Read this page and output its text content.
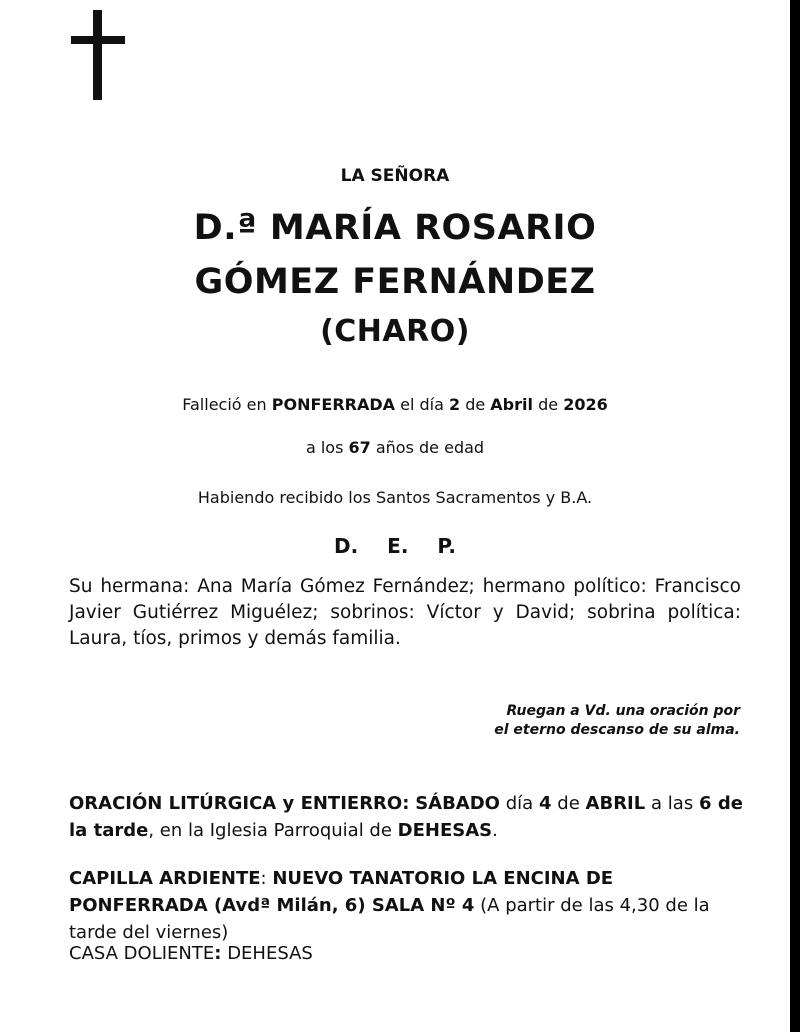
LA SEÑORA
D.ª MARÍA ROSARIO
GÓMEZ FERNÁNDEZ
(CHARO)
Falleció en PONFERRADA el día 2 de Abril de 2026
a los 67 años de edad
Habiendo recibido los Santos Sacramentos y B.A.
D. E. P.
Su hermana: Ana María Gómez Fernández; hermano político: Francisco Javier Gutiérrez Miguélez; sobrinos: Víctor y David; sobrina política: Laura, tíos, primos y demás familia.
Ruegan a Vd. una oración por
el eterno descanso de su alma.
ORACIÓN LITÚRGICA y ENTIERRO: SÁBADO día 4 de ABRIL a las 6 de la tarde, en la Iglesia Parroquial de DEHESAS.
CAPILLA ARDIENTE: NUEVO TANATORIO LA ENCINA DE PONFERRADA (Avdª Milán, 6) SALA Nº 4 (A partir de las 4,30 de la tarde del viernes)
CASA DOLIENTE: DEHESAS
